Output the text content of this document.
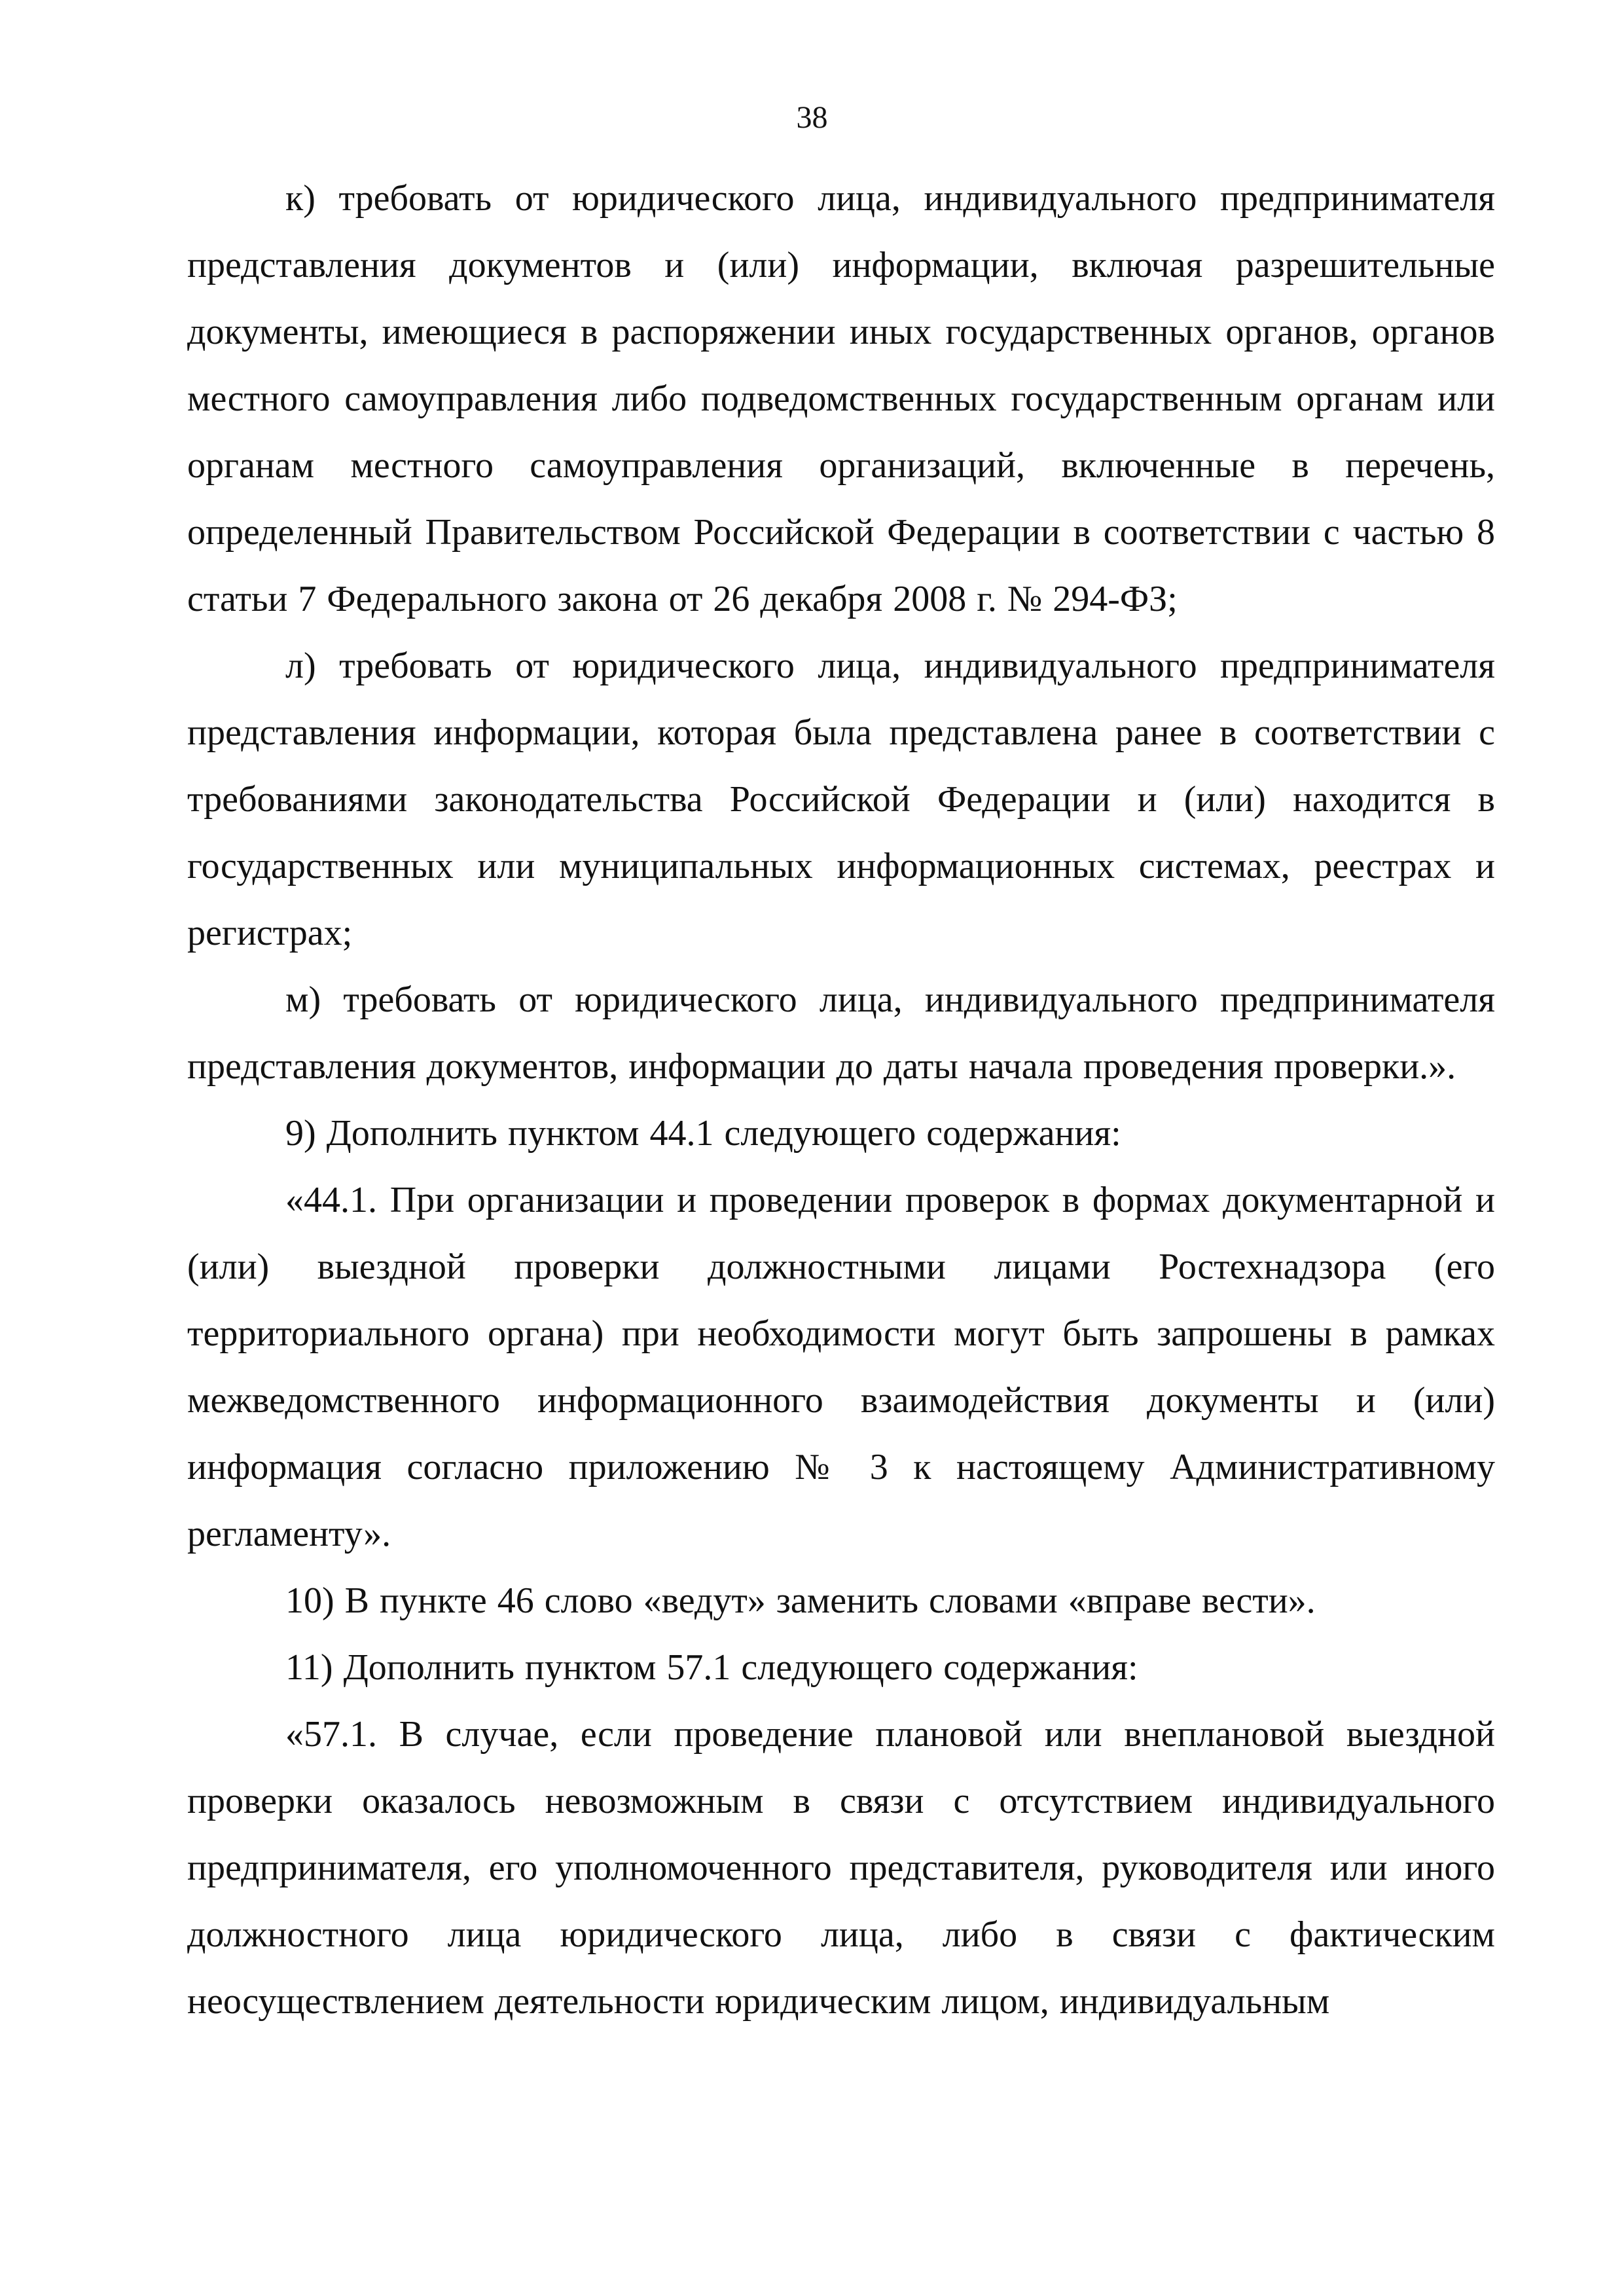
38

к) требовать от юридического лица, индивидуального предпринимателя представления документов и (или) информации, включая разрешительные документы, имеющиеся в распоряжении иных государственных органов, органов местного самоуправления либо подведомственных государственным органам или органам местного самоуправления организаций, включенные в перечень, определенный Правительством Российской Федерации в соответствии с частью 8 статьи 7 Федерального закона от 26 декабря 2008 г. № 294-ФЗ;

л) требовать от юридического лица, индивидуального предпринимателя представления информации, которая была представлена ранее в соответствии с требованиями законодательства Российской Федерации и (или) находится в государственных или муниципальных информационных системах, реестрах и регистрах;

м) требовать от юридического лица, индивидуального предпринимателя представления документов, информации до даты начала проведения проверки.».

9) Дополнить пунктом 44.1 следующего содержания:

«44.1. При организации и проведении проверок в формах документарной и (или) выездной проверки должностными лицами Ростехнадзора (его территориального органа) при необходимости могут быть запрошены в рамках межведомственного информационного взаимодействия документы и (или) информация согласно приложению № 3 к настоящему Административному регламенту».

10) В пункте 46 слово «ведут» заменить словами «вправе вести».

11) Дополнить пунктом 57.1 следующего содержания:

«57.1. В случае, если проведение плановой или внеплановой выездной проверки оказалось невозможным в связи с отсутствием индивидуального предпринимателя, его уполномоченного представителя, руководителя или иного должностного лица юридического лица, либо в связи с фактическим неосуществлением деятельности юридическим лицом, индивидуальным
